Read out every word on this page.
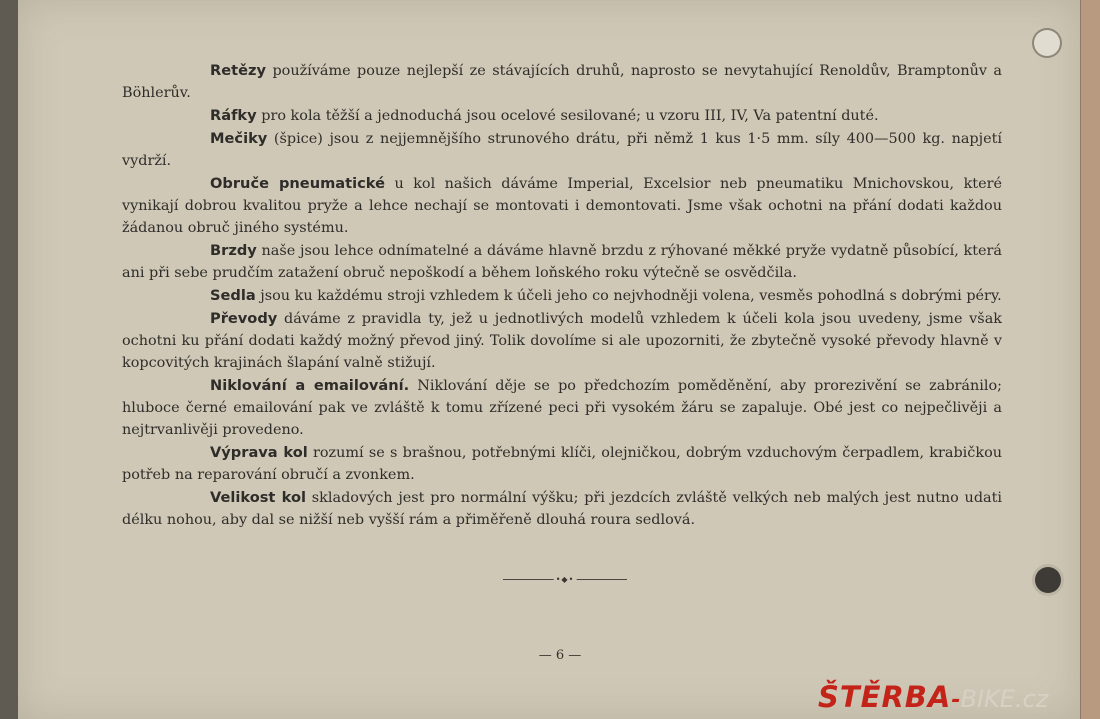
Retězy používáme pouze nejlepší ze stávajících druhů, naprosto se nevytahující Renoldův, Bramptonův a Böhlerův.

Ráfky pro kola těžší a jednoduchá jsou ocelové sesilované; u vzoru III, IV, Va patentní duté.

Mečiky (špice) jsou z nejjemnějšího strunového drátu, při němž 1 kus 1·5 mm. síly 400—500 kg. napjetí vydrží.

Obruče pneumatické u kol našich dáváme Imperial, Excelsior neb pneumatiku Mnichovskou, které vynikají dobrou kvalitou pryže a lehce nechají se montovati i demontovati. Jsme však ochotni na přání dodati každou žádanou obruč jiného systému.

Brzdy naše jsou lehce odnímatelné a dáváme hlavně brzdu z rýhované měkké pryže vydatně působící, která ani při sebe prudčím zatažení obruč nepoškodí a během loňského roku výtečně se osvědčila.

Sedla jsou ku každému stroji vzhledem k účeli jeho co nejvhodněji volena, vesměs pohodlná s dobrými péry.

Převody dáváme z pravidla ty, jež u jednotlivých modelů vzhledem k účeli kola jsou uvedeny, jsme však ochotni ku přání dodati každý možný převod jiný. Tolik dovolíme si ale upozorniti, že zbytečně vysoké převody hlavně v kopcovitých krajinách šlapání valně stižují.

Niklování a emailování. Niklování děje se po předchozím poměděnění, aby prorezivění se zabránilo; hluboce černé emailování pak ve zvláště k tomu zřízené peci při vysokém žáru se zapaluje. Obé jest co nejpečlivěji a nejtrvanlivěji provedeno.

Výprava kol rozumí se s brašnou, potřebnými klíči, olejničkou, dobrým vzduchovým čerpadlem, krabičkou potřeb na reparování obručí a zvonkem.

Velikost kol skladových jest pro normální výšku; při jezdcích zvláště velkých neb malých jest nutno udati délku nohou, aby dal se nižší neb vyšší rám a přiměřeně dlouhá roura sedlová.

•◆•
— 6 —
ŠTĚRBA-BIKE.cz
